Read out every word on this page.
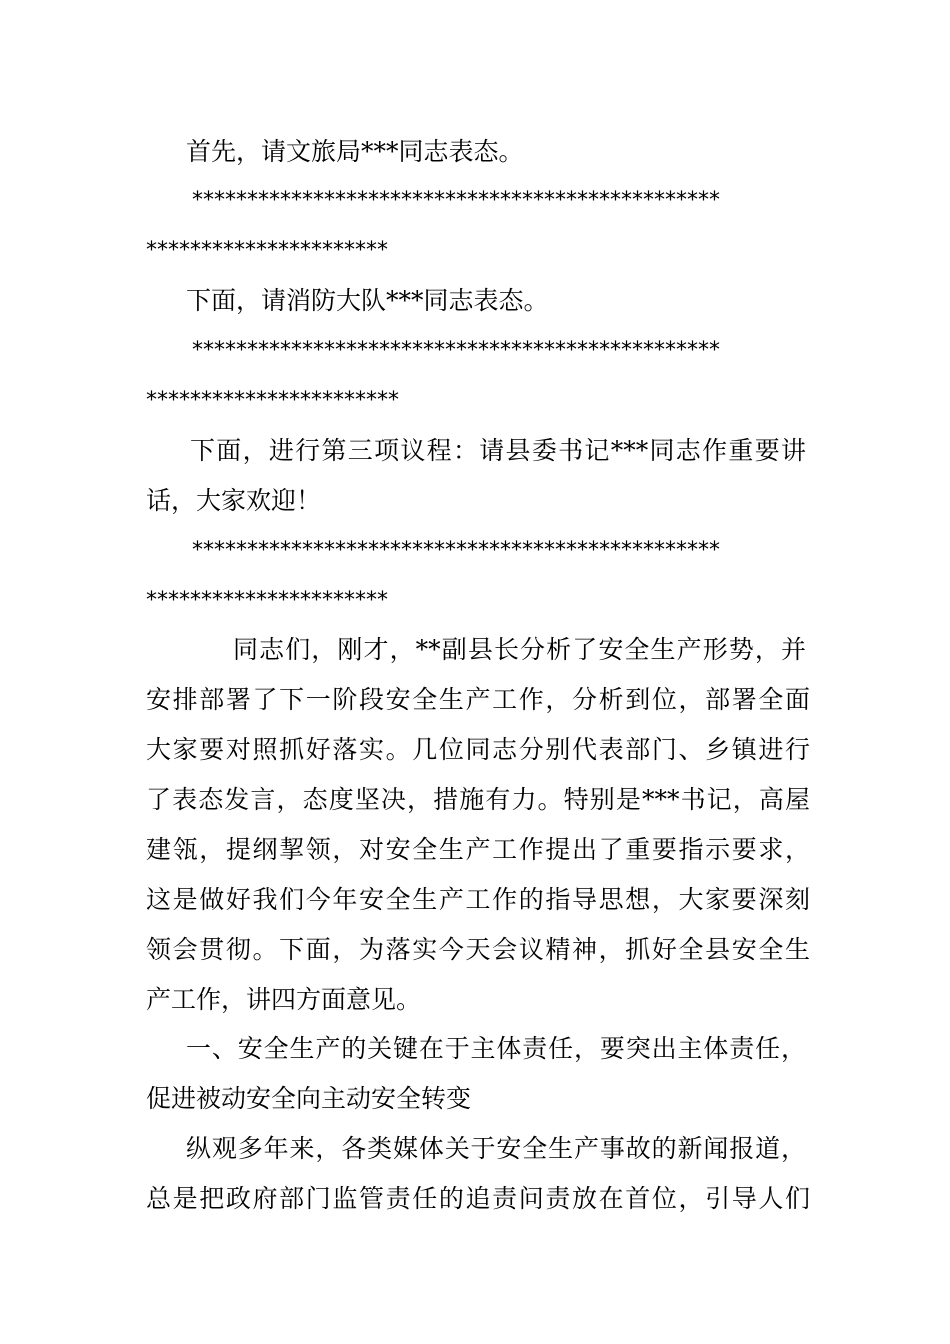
首先，请文旅局***同志表态。
************************************************
**********************
下面，请消防大队***同志表态。
************************************************
***********************
下面，进行第三项议程：请县委书记***同志作重要讲
话，大家欢迎！
************************************************
**********************
同志们，刚才，**副县长分析了安全生产形势，并
安排部署了下一阶段安全生产工作，分析到位，部署全面
大家要对照抓好落实。几位同志分别代表部门、乡镇进行
了表态发言，态度坚决，措施有力。特别是***书记，高屋
建瓴，提纲挈领，对安全生产工作提出了重要指示要求，
这是做好我们今年安全生产工作的指导思想，大家要深刻
领会贯彻。下面，为落实今天会议精神，抓好全县安全生
产工作，讲四方面意见。
一、安全生产的关键在于主体责任，要突出主体责任，
促进被动安全向主动安全转变
纵观多年来，各类媒体关于安全生产事故的新闻报道，
总是把政府部门监管责任的追责问责放在首位，引导人们
